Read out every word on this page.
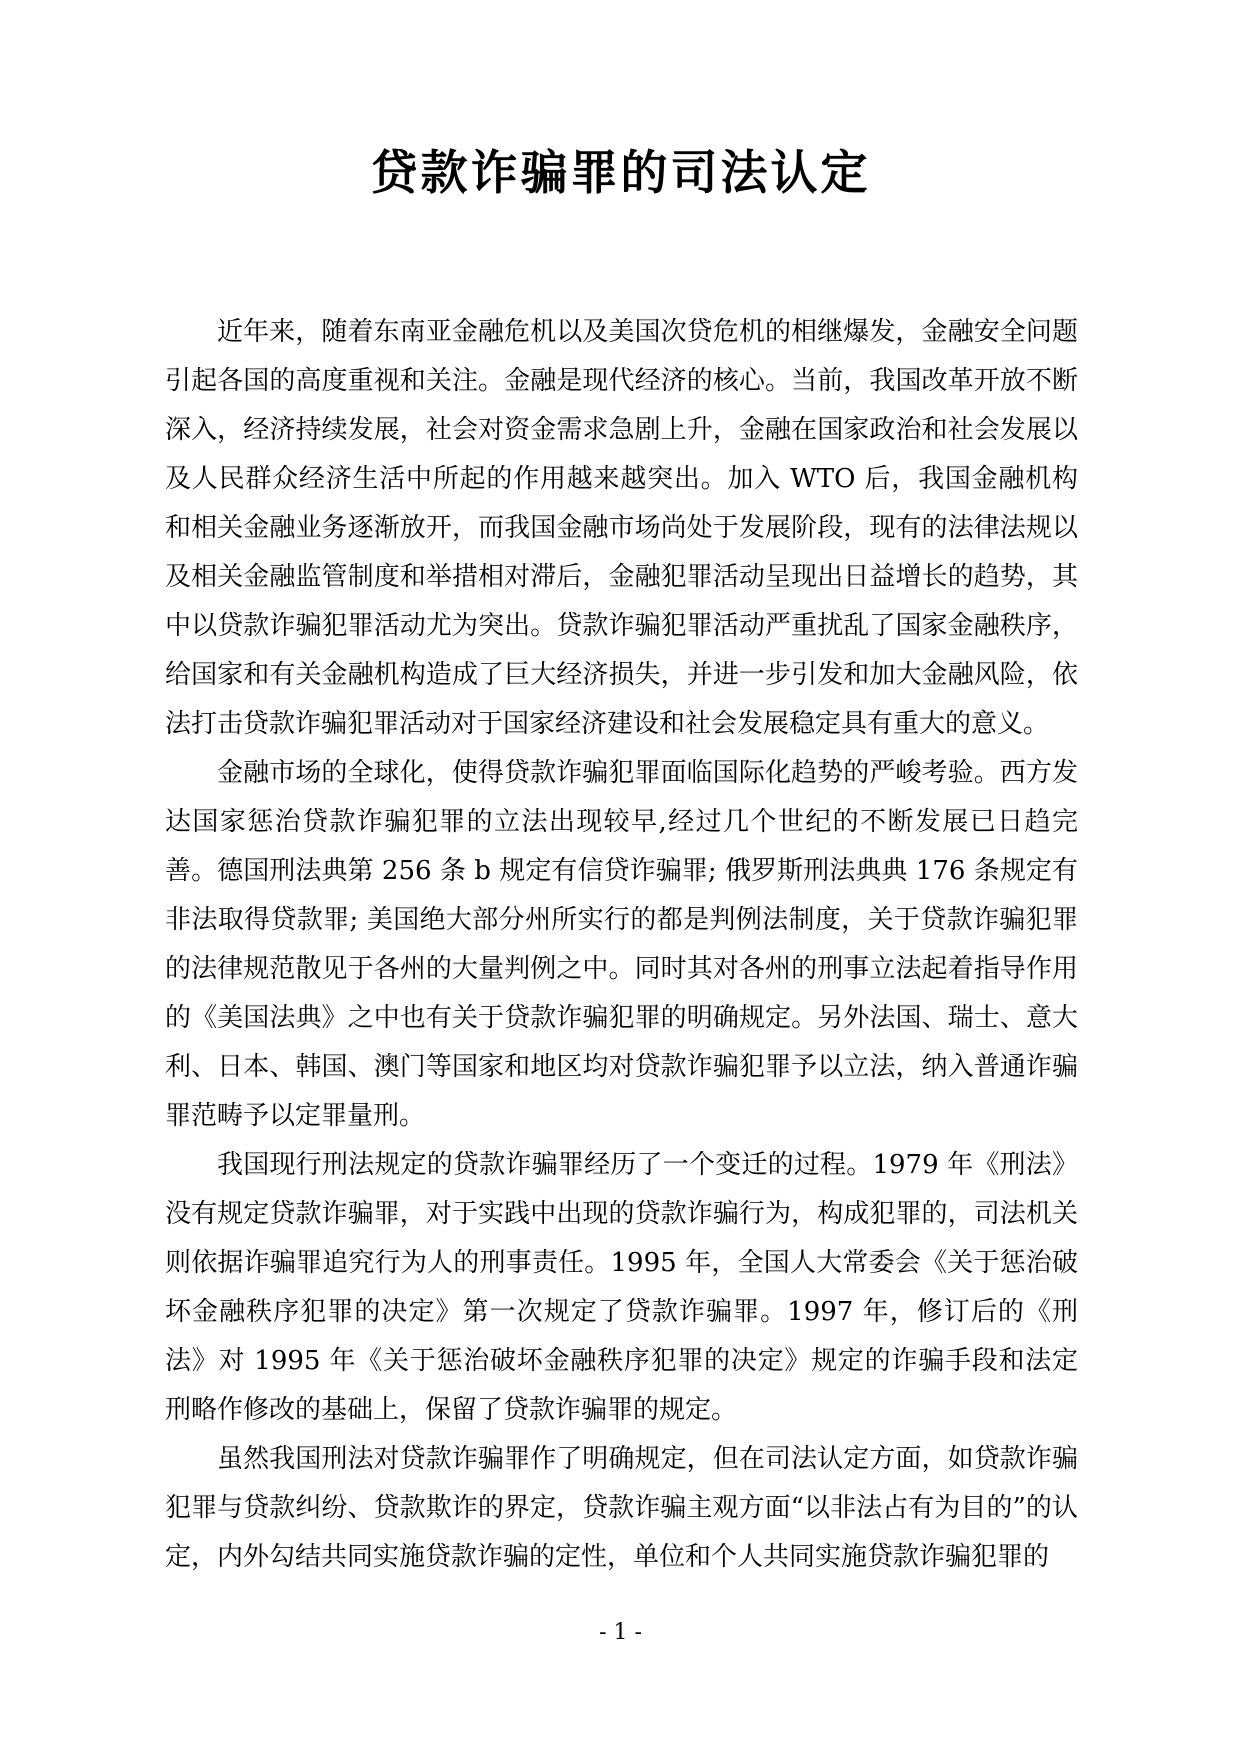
贷款诈骗罪的司法认定

近年来，随着东南亚金融危机以及美国次贷危机的相继爆发，金融安全问题引起各国的高度重视和关注。金融是现代经济的核心。当前，我国改革开放不断深入，经济持续发展，社会对资金需求急剧上升，金融在国家政治和社会发展以及人民群众经济生活中所起的作用越来越突出。加入 WTO 后，我国金融机构和相关金融业务逐渐放开，而我国金融市场尚处于发展阶段，现有的法律法规以及相关金融监管制度和举措相对滞后，金融犯罪活动呈现出日益增长的趋势，其中以贷款诈骗犯罪活动尤为突出。贷款诈骗犯罪活动严重扰乱了国家金融秩序，给国家和有关金融机构造成了巨大经济损失，并进一步引发和加大金融风险，依法打击贷款诈骗犯罪活动对于国家经济建设和社会发展稳定具有重大的意义。

金融市场的全球化，使得贷款诈骗犯罪面临国际化趋势的严峻考验。西方发达国家惩治贷款诈骗犯罪的立法出现较早,经过几个世纪的不断发展已日趋完善。德国刑法典第 256 条 b 规定有信贷诈骗罪; 俄罗斯刑法典典 176 条规定有非法取得贷款罪; 美国绝大部分州所实行的都是判例法制度，关于贷款诈骗犯罪的法律规范散见于各州的大量判例之中。同时其对各州的刑事立法起着指导作用的《美国法典》之中也有关于贷款诈骗犯罪的明确规定。另外法国、瑞士、意大利、日本、韩国、澳门等国家和地区均对贷款诈骗犯罪予以立法，纳入普通诈骗罪范畴予以定罪量刑。

我国现行刑法规定的贷款诈骗罪经历了一个变迁的过程。1979 年《刑法》没有规定贷款诈骗罪，对于实践中出现的贷款诈骗行为，构成犯罪的，司法机关则依据诈骗罪追究行为人的刑事责任。1995 年，全国人大常委会《关于惩治破坏金融秩序犯罪的决定》第一次规定了贷款诈骗罪。1997 年，修订后的《刑法》对 1995 年《关于惩治破坏金融秩序犯罪的决定》规定的诈骗手段和法定刑略作修改的基础上，保留了贷款诈骗罪的规定。

虽然我国刑法对贷款诈骗罪作了明确规定，但在司法认定方面，如贷款诈骗犯罪与贷款纠纷、贷款欺诈的界定，贷款诈骗主观方面“以非法占有为目的”的认定，内外勾结共同实施贷款诈骗的定性，单位和个人共同实施贷款诈骗犯罪的

- 1 -
